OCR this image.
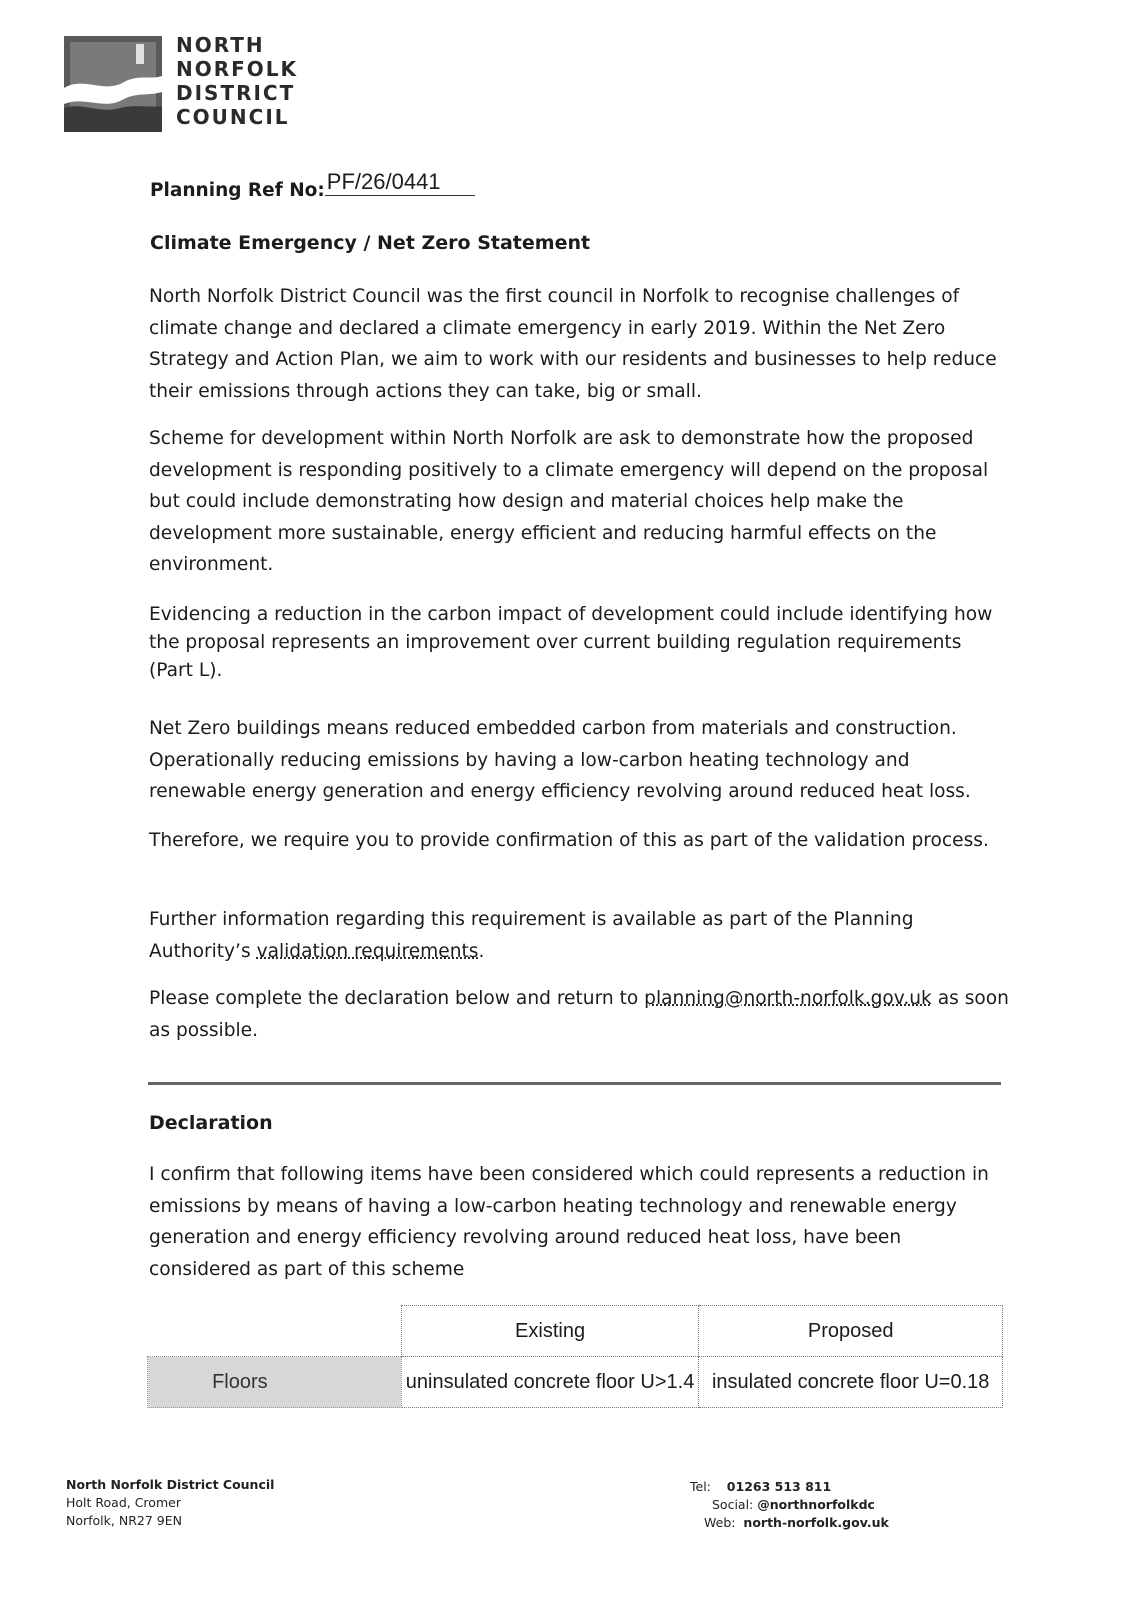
NORTH
NORFOLK
DISTRICT
COUNCIL
Planning Ref No:PF/26/0441
Climate Emergency / Net Zero Statement

North Norfolk District Council was the first council in Norfolk to recognise challenges of climate change and declared a climate emergency in early 2019. Within the Net Zero Strategy and Action Plan, we aim to work with our residents and businesses to help reduce their emissions through actions they can take, big or small.

Scheme for development within North Norfolk are ask to demonstrate how the proposed development is responding positively to a climate emergency will depend on the proposal but could include demonstrating how design and material choices help make the development more sustainable, energy efficient and reducing harmful effects on the environment.

Evidencing a reduction in the carbon impact of development could include identifying how the proposal represents an improvement over current building regulation requirements (Part L).

Net Zero buildings means reduced embedded carbon from materials and construction. Operationally reducing emissions by having a low-carbon heating technology and renewable energy generation and energy efficiency revolving around reduced heat loss.

Therefore, we require you to provide confirmation of this as part of the validation process.

Further information regarding this requirement is available as part of the Planning Authority’s validation requirements.

Please complete the declaration below and return to planning@north-norfolk.gov.uk as soon as possible.

Declaration

I confirm that following items have been considered which could represents a reduction in emissions by means of having a low-carbon heating technology and renewable energy generation and energy efficiency revolving around reduced heat loss, have been considered as part of this scheme

	Existing	Proposed
Floors	uninsulated concrete floor U>1.4	insulated concrete floor U=0.18
North Norfolk District Council
Holt Road, Cromer
Norfolk, NR27 9EN
Tel: 01263 513 811
Social: @northnorfolkdc
Web: north-norfolk.gov.uk
